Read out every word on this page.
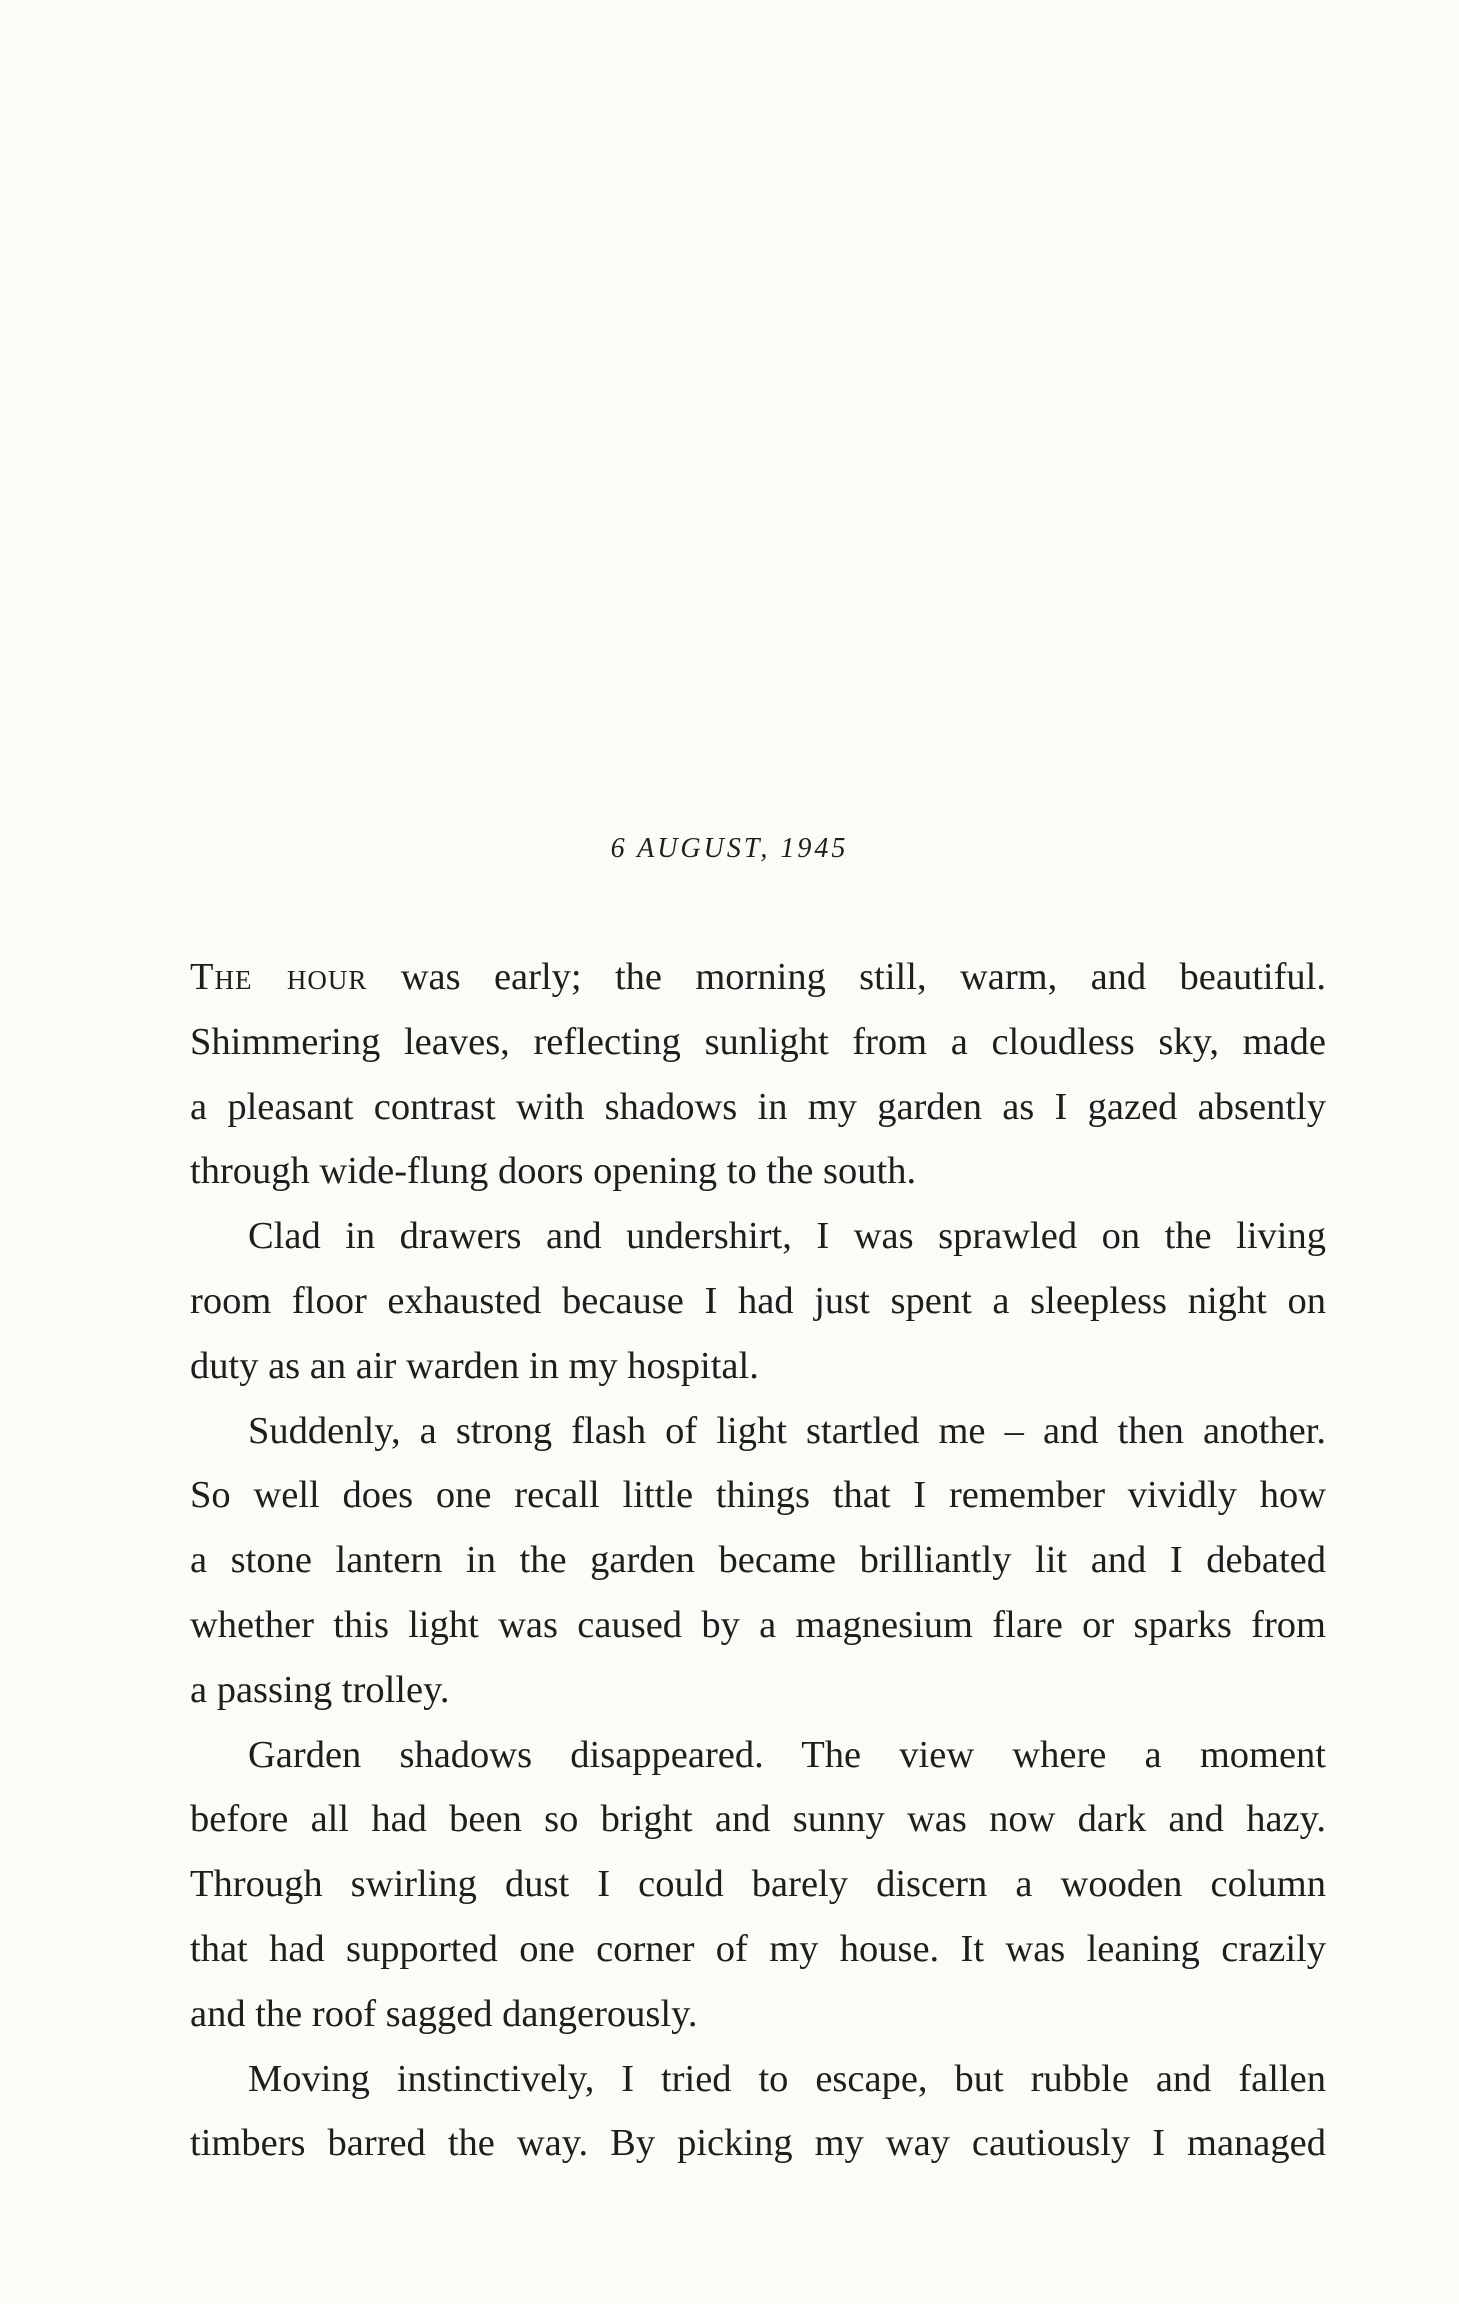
6 AUGUST, 1945

The hour was early; the morning still, warm, and beautiful.
Shimmering leaves, reflecting sunlight from a cloudless sky, made
a pleasant contrast with shadows in my garden as I gazed absently
through wide-flung doors opening to the south.

Clad in drawers and undershirt, I was sprawled on the living
room floor exhausted because I had just spent a sleepless night on
duty as an air warden in my hospital.

Suddenly, a strong flash of light startled me – and then another.
So well does one recall little things that I remember vividly how
a stone lantern in the garden became brilliantly lit and I debated
whether this light was caused by a magnesium flare or sparks from
a passing trolley.

Garden shadows disappeared. The view where a moment
before all had been so bright and sunny was now dark and hazy.
Through swirling dust I could barely discern a wooden column
that had supported one corner of my house. It was leaning crazily
and the roof sagged dangerously.

Moving instinctively, I tried to escape, but rubble and fallen
timbers barred the way. By picking my way cautiously I managed
